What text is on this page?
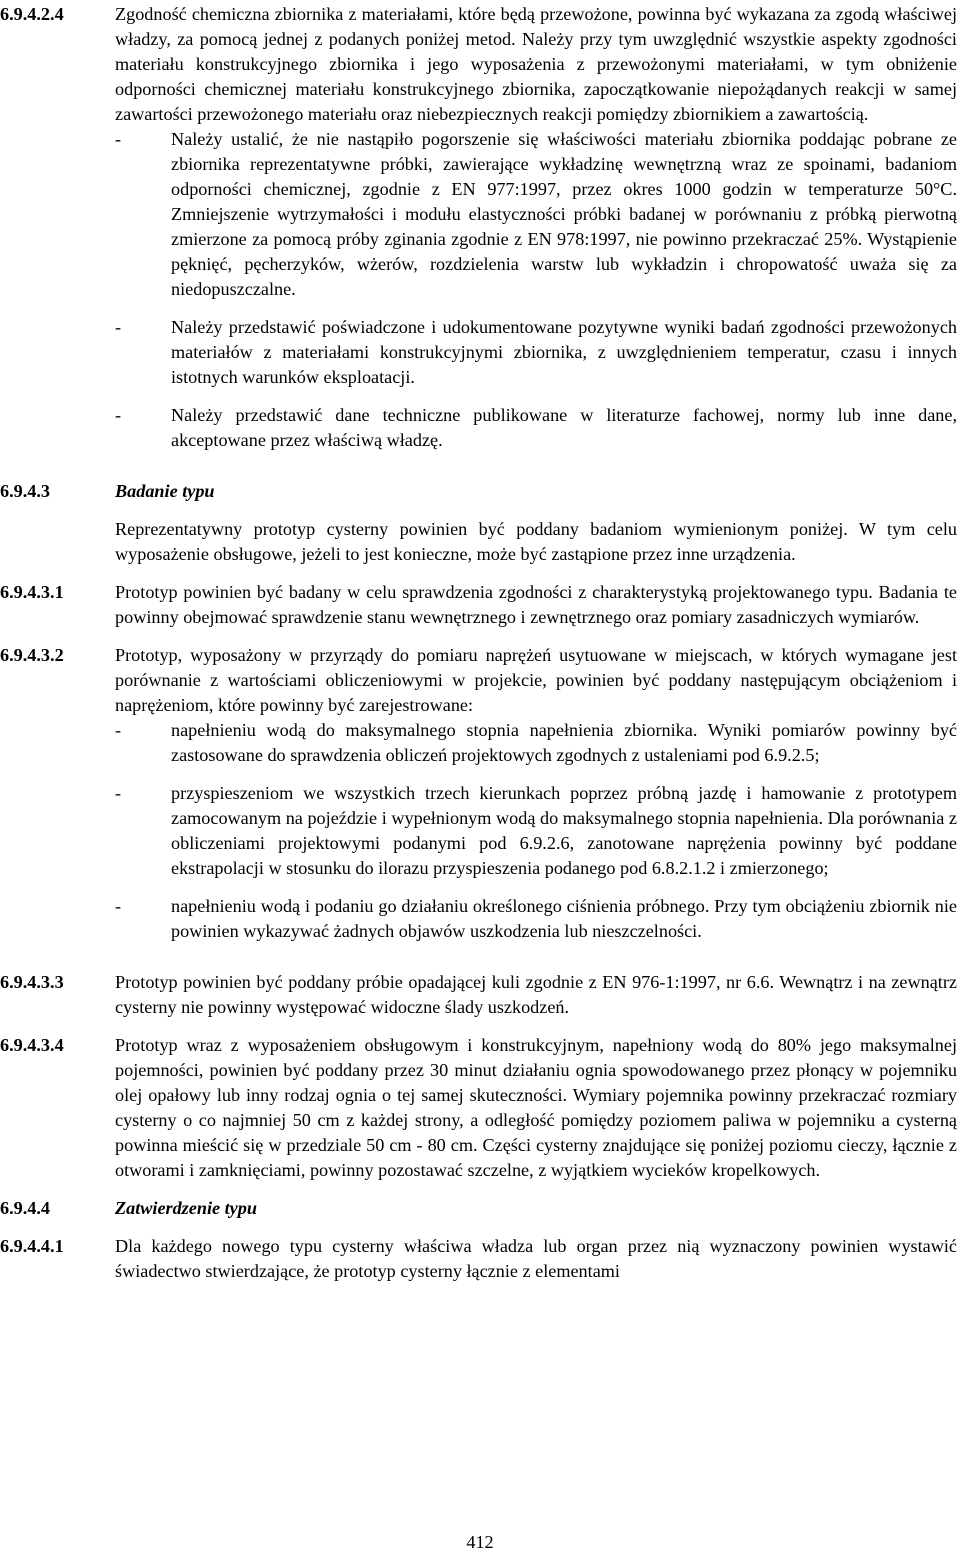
6.9.4.2.4	Zgodność chemiczna zbiornika z materiałami, które będą przewożone, powinna być wykazana za zgodą właściwej władzy, za pomocą jednej z podanych poniżej metod. Należy przy tym uwzględnić wszystkie aspekty zgodności materiału konstrukcyjnego zbiornika i jego wyposażenia z przewożonymi materiałami, w tym obniżenie odporności chemicznej materiału konstrukcyjnego zbiornika, zapoczątkowanie niepożądanych reakcji w samej zawartości przewożonego materiału oraz niebezpiecznych reakcji pomiędzy zbiornikiem a zawartością.

-	Należy ustalić, że nie nastąpiło pogorszenie się właściwości materiału zbiornika poddając pobrane ze zbiornika reprezentatywne próbki, zawierające wykładzinę wewnętrzną wraz ze spoinami, badaniom odporności chemicznej, zgodnie z EN 977:1997, przez okres 1000 godzin w temperaturze 50°C. Zmniejszenie wytrzymałości i modułu elastyczności próbki badanej w porównaniu z próbką pierwotną zmierzone za pomocą próby zginania zgodnie z EN 978:1997, nie powinno przekraczać 25%. Wystąpienie pęknięć, pęcherzyków, wżerów, rozdzielenia warstw lub wykładzin i chropowatość uważa się za niedopuszczalne.

-	Należy przedstawić poświadczone i udokumentowane pozytywne wyniki badań zgodności przewożonych materiałów z materiałami konstrukcyjnymi zbiornika, z uwzględnieniem temperatur, czasu i innych istotnych warunków eksploatacji.

-	Należy przedstawić dane techniczne publikowane w literaturze fachowej, normy lub inne dane, akceptowane przez właściwą władzę.

6.9.4.3	Badanie typu

Reprezentatywny prototyp cysterny powinien być poddany badaniom wymienionym poniżej. W tym celu wyposażenie obsługowe, jeżeli to jest konieczne, może być zastąpione przez inne urządzenia.

6.9.4.3.1	Prototyp powinien być badany w celu sprawdzenia zgodności z charakterystyką projektowanego typu. Badania te powinny obejmować sprawdzenie stanu wewnętrznego i zewnętrznego oraz pomiary zasadniczych wymiarów.

6.9.4.3.2	Prototyp, wyposażony w przyrządy do pomiaru naprężeń usytuowane w miejscach, w których wymagane jest porównanie z wartościami obliczeniowymi w projekcie, powinien być poddany następującym obciążeniom i naprężeniom, które powinny być zarejestrowane:

-	napełnieniu wodą do maksymalnego stopnia napełnienia zbiornika. Wyniki pomiarów powinny być zastosowane do sprawdzenia obliczeń projektowych zgodnych z ustaleniami pod 6.9.2.5;

-	przyspieszeniom we wszystkich trzech kierunkach poprzez próbną jazdę i hamowanie z prototypem zamocowanym na pojeździe i wypełnionym wodą do maksymalnego stopnia napełnienia. Dla porównania z obliczeniami projektowymi podanymi pod 6.9.2.6, zanotowane naprężenia powinny być poddane ekstrapolacji w stosunku do ilorazu przyspieszenia podanego pod 6.8.2.1.2 i zmierzonego;

-	napełnieniu wodą i podaniu go działaniu określonego ciśnienia próbnego. Przy tym obciążeniu zbiornik nie powinien wykazywać żadnych objawów uszkodzenia lub nieszczelności.

6.9.4.3.3	Prototyp powinien być poddany próbie opadającej kuli zgodnie z EN 976-1:1997, nr 6.6. Wewnątrz i na zewnątrz cysterny nie powinny występować widoczne ślady uszkodzeń.

6.9.4.3.4	Prototyp wraz z wyposażeniem obsługowym i konstrukcyjnym, napełniony wodą do 80% jego maksymalnej pojemności, powinien być poddany przez 30 minut działaniu ognia spowodowanego przez płonący w pojemniku olej opałowy lub inny rodzaj ognia o tej samej skuteczności. Wymiary pojemnika powinny przekraczać rozmiary cysterny o co najmniej 50 cm z każdej strony, a odległość pomiędzy poziomem paliwa w pojemniku a cysterną powinna mieścić się w przedziale 50 cm - 80 cm. Części cysterny znajdujące się poniżej poziomu cieczy, łącznie z otworami i zamknięciami, powinny pozostawać szczelne, z wyjątkiem wycieków kropelkowych.

6.9.4.4	Zatwierdzenie typu
6.9.4.4.1	Dla każdego nowego typu cysterny właściwa władza lub organ przez nią wyznaczony powinien wystawić świadectwo stwierdzające, że prototyp cysterny łącznie z elementami

412
